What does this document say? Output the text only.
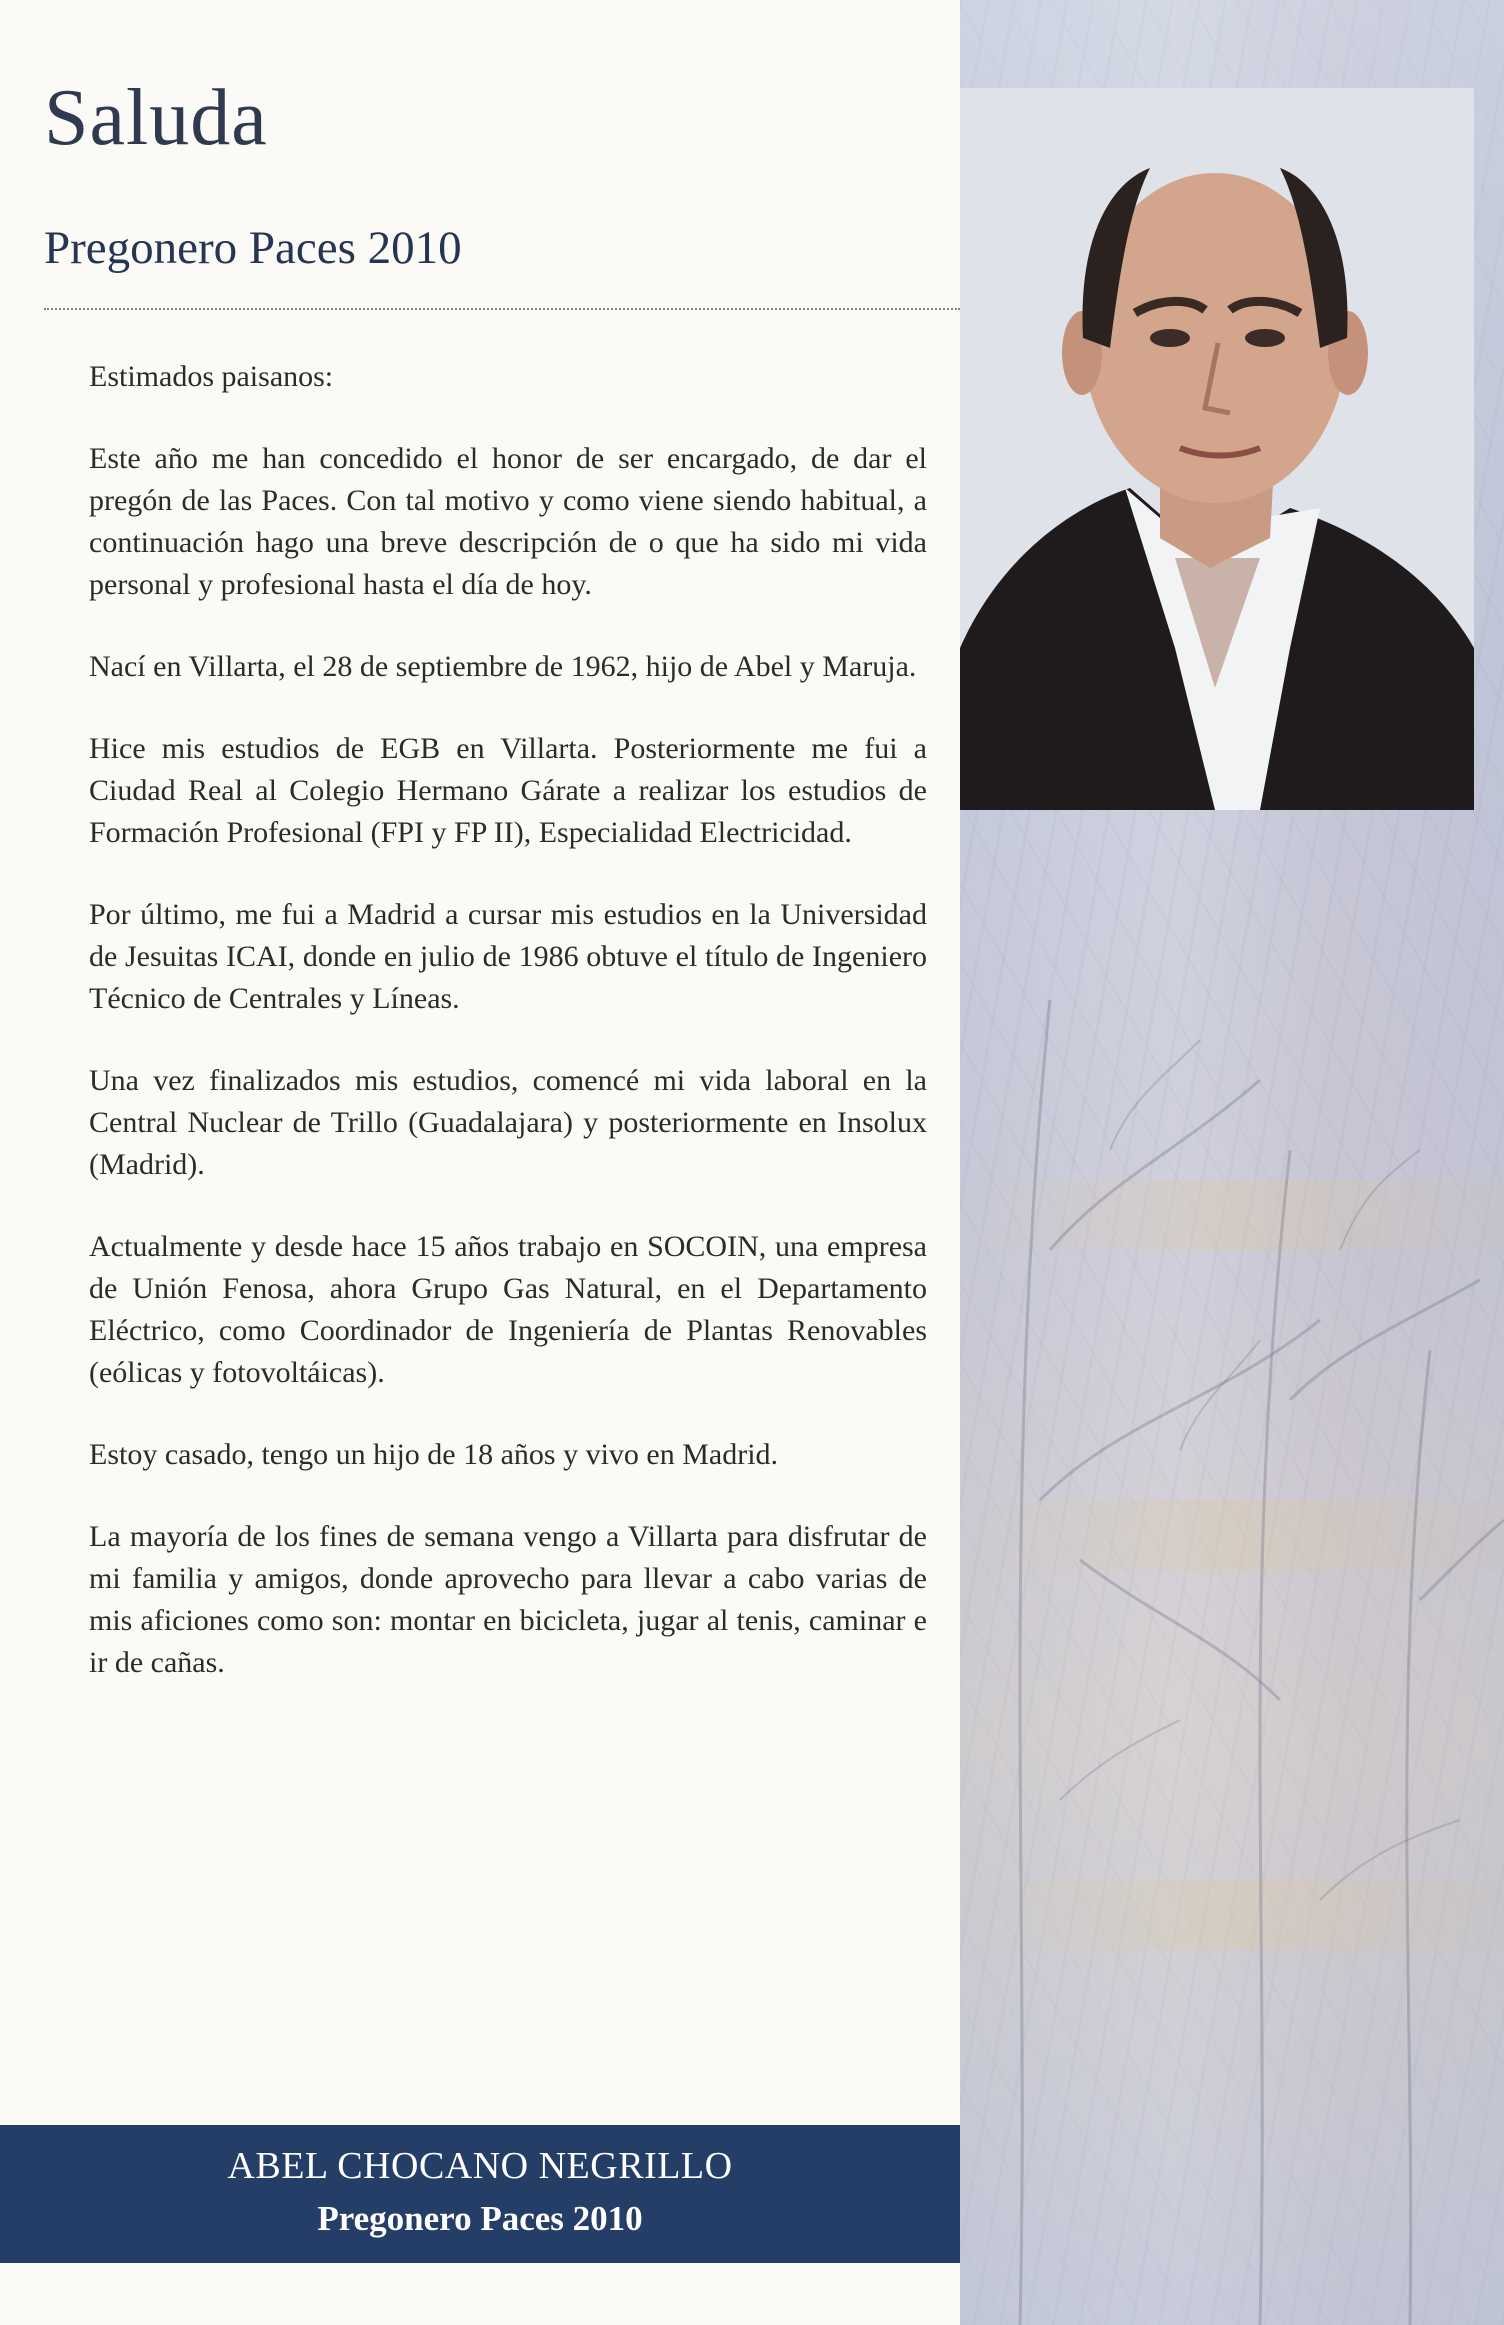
Saluda
Pregonero Paces 2010

Estimados paisanos:

Este año me han concedido el honor de ser encargado, de dar el pregón de las Paces. Con tal motivo y como viene siendo habitual, a continuación hago una breve descripción de o que ha sido mi vida personal y profesional hasta el día de hoy.

Nací en Villarta, el 28 de septiembre de 1962, hijo de Abel y Maruja.

Hice mis estudios de EGB en Villarta. Posteriormente me fui a Ciudad Real al Colegio Hermano Gárate a realizar los estudios de Formación Profesional (FPI y FP II), Especialidad Electricidad.

Por último, me fui a Madrid a cursar mis estudios en la Universidad de Jesuitas ICAI, donde en julio de 1986 obtuve el título de Ingeniero Técnico de Centrales y Líneas.

Una vez finalizados mis estudios, comencé mi vida laboral en la Central Nuclear de Trillo (Guadalajara) y posteriormente en Insolux (Madrid).

Actualmente y desde hace 15 años trabajo en SOCOIN, una empresa de Unión Fenosa, ahora Grupo Gas Natural, en el Departamento Eléctrico, como Coordinador de Ingeniería de Plantas Renovables (eólicas y fotovoltáicas).

Estoy casado, tengo un hijo de 18 años y vivo en Madrid.

La mayoría de los fines de semana vengo a Villarta para disfrutar de mi familia y amigos, donde aprovecho para llevar a cabo varias de mis aficiones como son: montar en bicicleta, jugar al tenis, caminar e ir de cañas.

ABEL CHOCANO NEGRILLO
Pregonero Paces 2010
